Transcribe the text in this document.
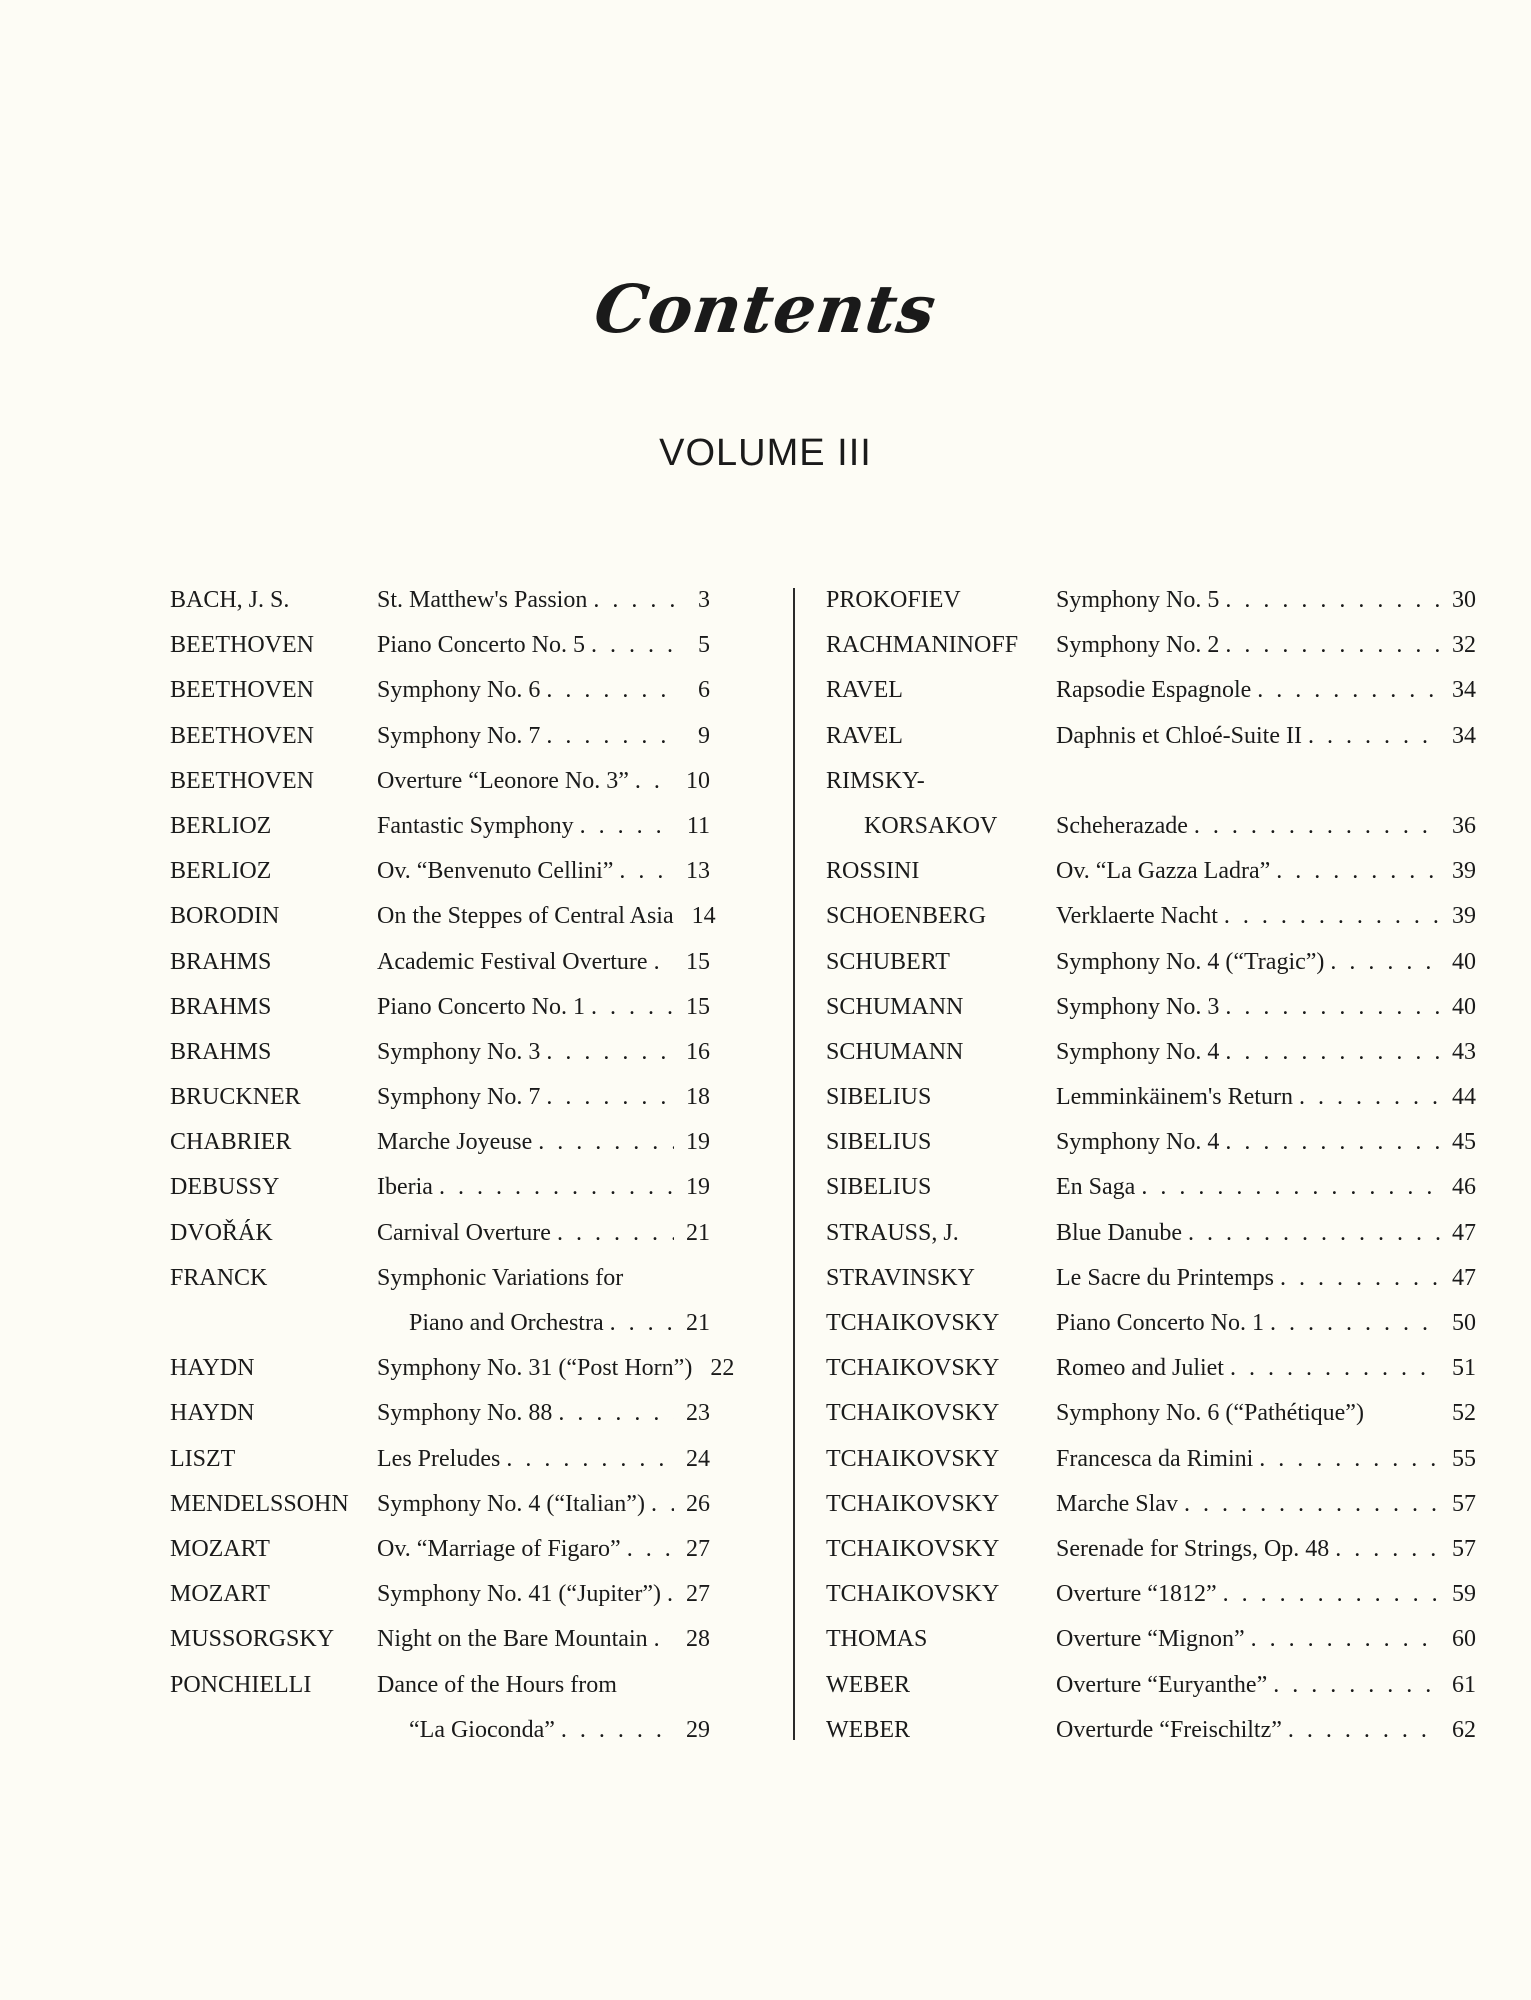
Contents
VOLUME III
BACH, J. S.	St. Matthew's Passion . . .	3
BEETHOVEN	Piano Concerto No. 5 . . .	5
BEETHOVEN	Symphony No. 6 . . .	6
BEETHOVEN	Symphony No. 7 . . .	9
BEETHOVEN	Overture “Leonore No. 3” . . .	10
BERLIOZ	Fantastic Symphony . . .	11
BERLIOZ	Ov. “Benvenuto Cellini” . . .	13
BORODIN	On the Steppes of Central Asia . . . 14
BRAHMS	Academic Festival Overture . . .	15
BRAHMS	Piano Concerto No. 1 . . .	15
BRAHMS	Symphony No. 3 . . .	16
BRUCKNER	Symphony No. 7 . . .	18
CHABRIER	Marche Joyeuse . . .	19
DEBUSSY	Iberia . . .	19
DVOŘÁK	Carnival Overture . . .	21
FRANCK	Symphonic Variations for
Piano and Orchestra . . .	21
HAYDN	Symphony No. 31 (“Post Horn”) . . . 22
HAYDN	Symphony No. 88 . . .	23
LISZT	Les Preludes . . .	24
MENDELSSOHN	Symphony No. 4 (“Italian”) . . .	26
MOZART	Ov. “Marriage of Figaro” . . .	27
MOZART	Symphony No. 41 (“Jupiter”) . . .	27
MUSSORGSKY	Night on the Bare Mountain . . .	28
PONCHIELLI	Dance of the Hours from
“La Gioconda” . . .	29
PROKOFIEV	Symphony No. 5 . . .	30
RACHMANINOFF	Symphony No. 2 . . .	32
RAVEL	Rapsodie Espagnole . . .	34
RAVEL	Daphnis et Chloé-Suite II . . .	34
RIMSKY-
KORSAKOV	Scheherazade . . .	36
ROSSINI	Ov. “La Gazza Ladra” . . .	39
SCHOENBERG	Verklaerte Nacht . . .	39
SCHUBERT	Symphony No. 4 (“Tragic”) . . .	40
SCHUMANN	Symphony No. 3 . . .	40
SCHUMANN	Symphony No. 4 . . .	43
SIBELIUS	Lemminkäinem's Return . . .	44
SIBELIUS	Symphony No. 4 . . .	45
SIBELIUS	En Saga . . .	46
STRAUSS, J.	Blue Danube . . .	47
STRAVINSKY	Le Sacre du Printemps . . .	47
TCHAIKOVSKY	Piano Concerto No. 1 . . .	50
TCHAIKOVSKY	Romeo and Juliet . . .	51
TCHAIKOVSKY	Symphony No. 6 (“Pathétique”)	52
TCHAIKOVSKY	Francesca da Rimini . . .	55
TCHAIKOVSKY	Marche Slav . . .	57
TCHAIKOVSKY	Serenade for Strings, Op. 48 . . .	57
TCHAIKOVSKY	Overture “1812” . . .	59
THOMAS	Overture “Mignon” . . .	60
WEBER	Overture “Euryanthe” . . .	61
WEBER	Overturde “Freischiltz” . . .	62
